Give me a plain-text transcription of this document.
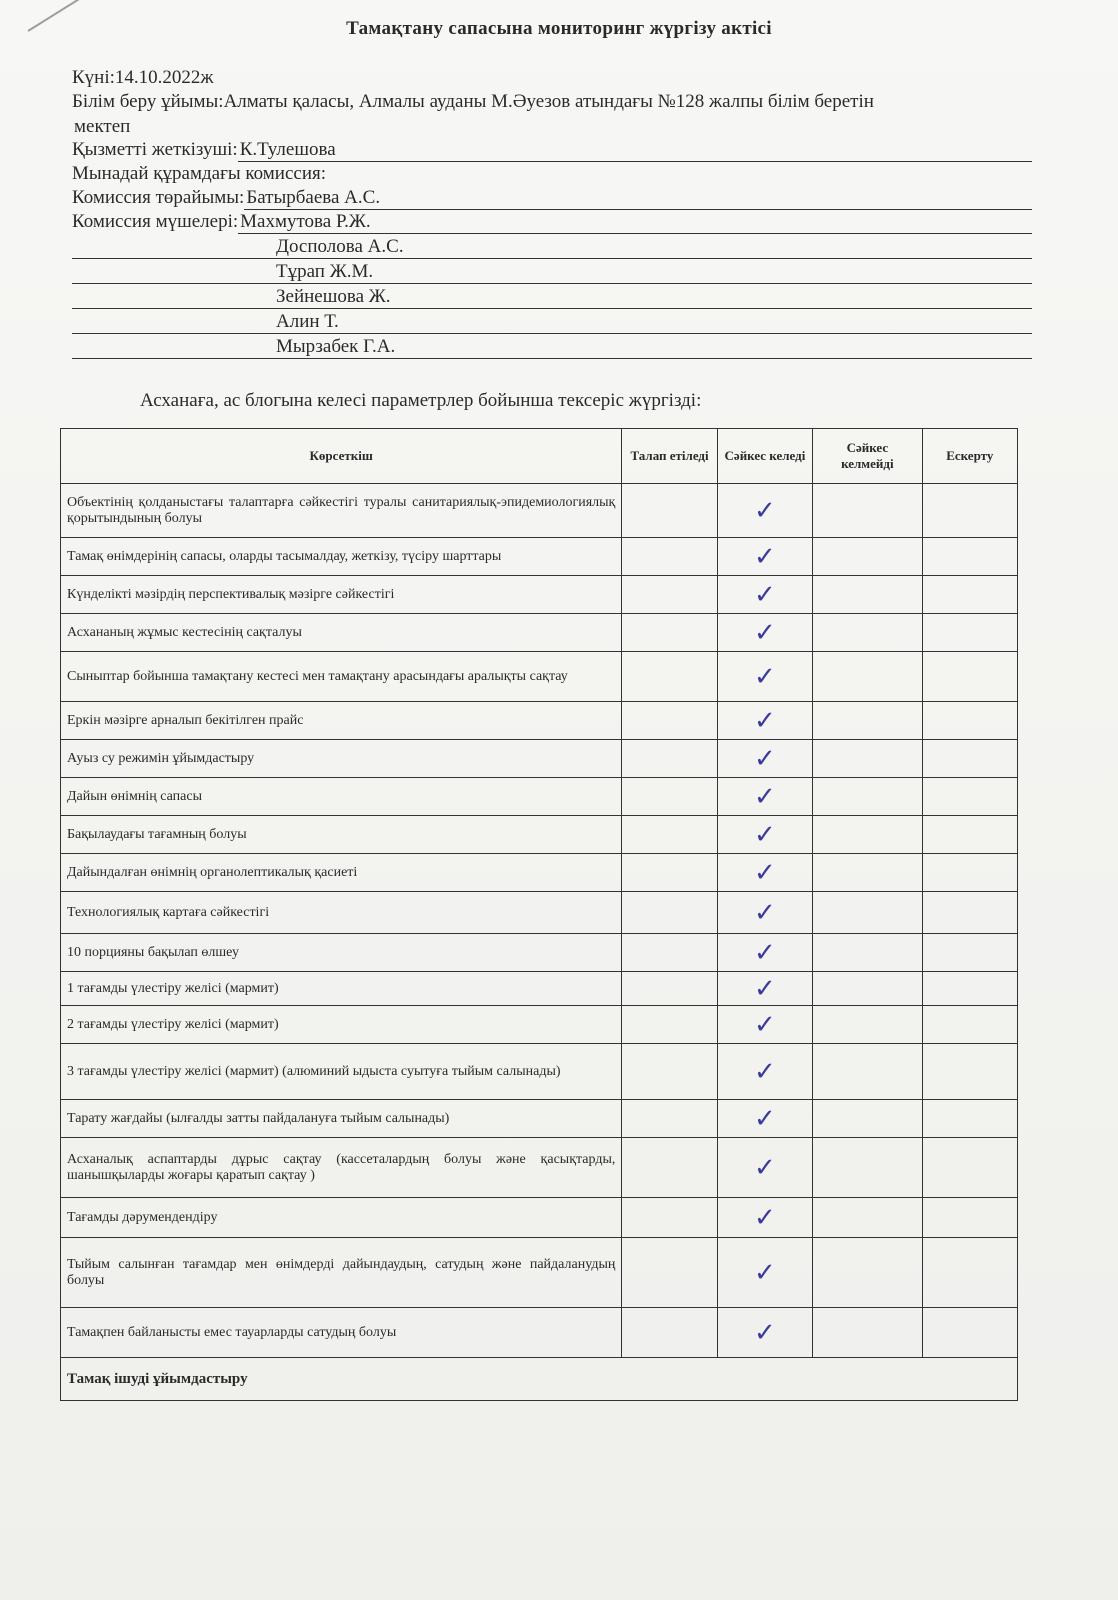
Тамақтану сапасына мониторинг жүргізу актісі
Күні: 14.10.2022ж
Білім беру ұйымы: Алматы қаласы, Алмалы ауданы М.Әуезов атындағы №128 жалпы білім беретін
мектеп
Қызметті жеткізуші: К.Тулешова
Мынадай құрамдағы комиссия:
Комиссия төрайымы: Батырбаева А.С.
Комиссия мүшелері: Махмутова Р.Ж.
Досполова А.С.
Тұрап Ж.М.
Зейнешова Ж.
Алин Т.
Мырзабек Г.А.
Асханаға, ас блогына келесі параметрлер бойынша тексеріс жүргізді:
Көрсеткіш	Талап етіледі	Сәйкес келеді	Сәйкес келмейді	Ескерту
Объектінің қолданыстағы талаптарға сәйкестігі туралы санитариялық-эпидемиологиялық қорытындының болуы		✓		
Тамақ өнімдерінің сапасы, оларды тасымалдау, жеткізу, түсіру шарттары		✓		
Күнделікті мәзірдің перспективалық мәзірге сәйкестігі		✓		
Асхананың жұмыс кестесінің сақталуы		✓		
Сыныптар бойынша тамақтану кестесі мен тамақтану арасындағы аралықты сақтау		✓		
Еркін мәзірге арналып бекітілген прайс		✓		
Ауыз су режимін ұйымдастыру		✓		
Дайын өнімнің сапасы		✓		
Бақылаудағы тағамның болуы		✓		
Дайындалған өнімнің органолептикалық қасиеті		✓		
Технологиялық картаға сәйкестігі		✓		
10 порцияны бақылап өлшеу		✓		
1 тағамды үлестіру желісі (мармит)		✓		
2 тағамды үлестіру желісі (мармит)		✓		
3 тағамды үлестіру желісі (мармит) (алюминий ыдыста суытуға тыйым салынады)		✓		
Тарату жағдайы (ылғалды затты пайдалануға тыйым салынады)		✓		
Асханалық аспаптарды дұрыс сақтау (кассеталардың болуы және қасықтарды, шанышқыларды жоғары қаратып сақтау )		✓		
Тағамды дәрумендендіру		✓		
Тыйым салынған тағамдар мен өнімдерді дайындаудың, сатудың және пайдаланудың болуы		✓		
Тамақпен байланысты емес тауарларды сатудың болуы		✓		
Тамақ ішуді ұйымдастыру				
